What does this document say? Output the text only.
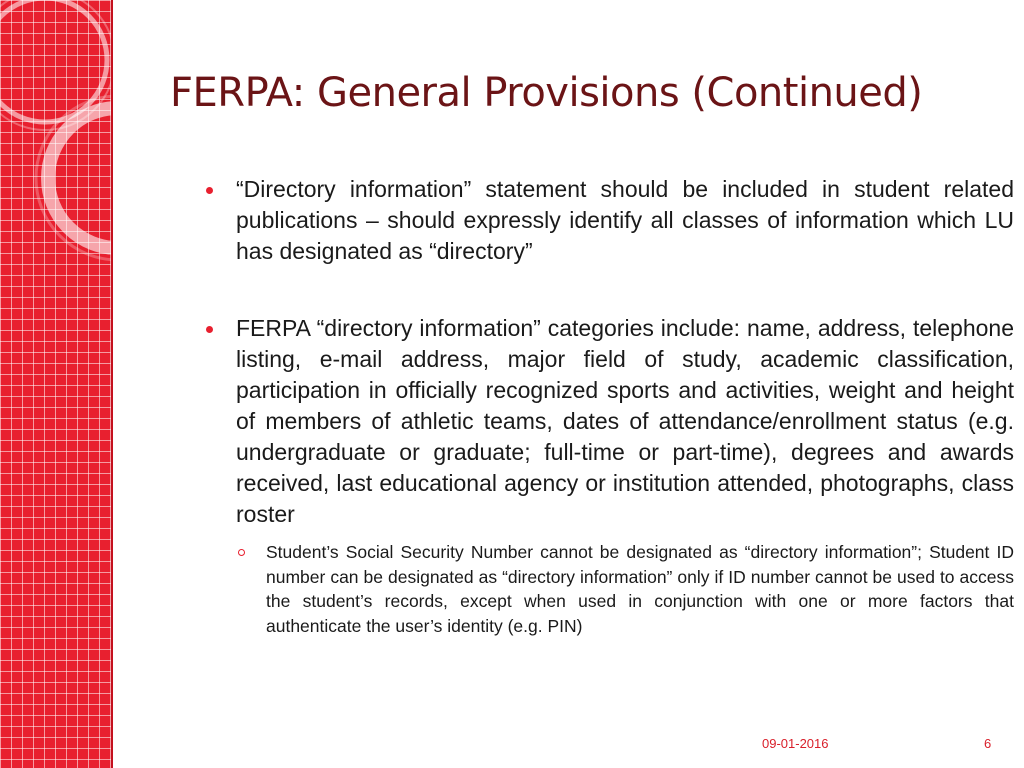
FERPA: General Provisions (Continued)
“Directory information” statement should be included in student related publications – should expressly identify all classes of information which LU has designated as “directory”
FERPA “directory information” categories include: name, address, telephone listing, e-mail address, major field of study, academic classification, participation in officially recognized sports and activities, weight and height of members of athletic teams, dates of attendance/enrollment status (e.g. undergraduate or graduate; full-time or part-time), degrees and awards received, last educational agency or institution attended, photographs, class roster
Student’s Social Security Number cannot be designated as “directory information”; Student ID number can be designated as “directory information” only if ID number cannot be used to access the student’s records, except when used in conjunction with one or more factors that authenticate the user’s identity (e.g. PIN)
09-01-2016	6
